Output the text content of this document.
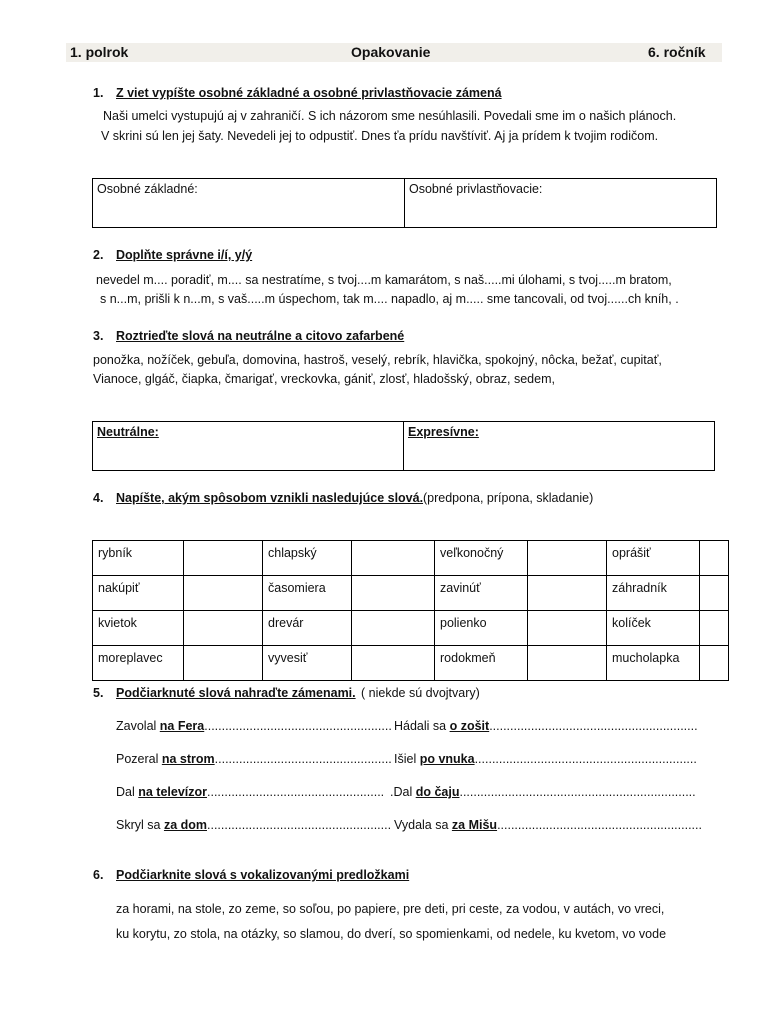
1. polrok	Opakovanie	6. ročník
1. Z viet vypíšte osobné základné a osobné privlastňovacie zámená
Naši umelci vystupujú aj v zahraničí. S ich názorom sme nesúhlasili. Povedali sme im o našich plánoch.
V skrini sú len jej šaty. Nevedeli jej to odpustiť. Dnes ťa prídu navštíviť. Aj ja prídem k tvojim rodičom.
Osobné základné:	Osobné privlastňovacie:
2. Doplňte správne i/í, y/ý
nevedel m.... poradiť, m.... sa nestratíme, s tvoj....m kamarátom, s naš.....mi úlohami, s tvoj.....m bratom,
s n...m, prišli k n...m, s vaš.....m úspechom, tak m.... napadlo, aj m..... sme tancovali, od tvoj......ch kníh, .
3. Roztrieďte slová na neutrálne a citovo zafarbené
ponožka, nožíček, gebuľa, domovina, hastroš, veselý, rebrík, hlavička, spokojný, nôcka, bežať, cupitať,
Vianoce, glgáč, čiapka, čmarigať, vreckovka, gániť, zlosť, hladošský, obraz, sedem,
Neutrálne:	Expresívne:
4. Napíšte, akým spôsobom vznikli nasledujúce slová. (predpona, prípona, skladanie)
rybník		chlapský		veľkonočný		oprášiť	
nakúpiť		časomiera		zavinúť		záhradník	
kvietok		drevár		polienko		kolíček	
moreplavec		vyvesiť		rodokmeň		mucholapka	
5. Podčiarknuté slová nahraďte zámenami. ( niekde sú dvojtvary)
Zavolal na Fera...................................................... Hádali sa o zošit............................................................
Pozeral na strom................................................... Išiel po vnuka................................................................
Dal na televízor................................................... .Dal do čaju....................................................................
Skryl sa za dom..................................................... Vydala sa za Mišu...........................................................
6. Podčiarknite slová s vokalizovanými predložkami
za horami, na stole, zo zeme, so soľou, po papiere, pre deti, pri ceste, za vodou, v autách, vo vreci,
ku korytu, zo stola, na otázky, so slamou, do dverí, so spomienkami, od nedele, ku kvetom, vo vode
